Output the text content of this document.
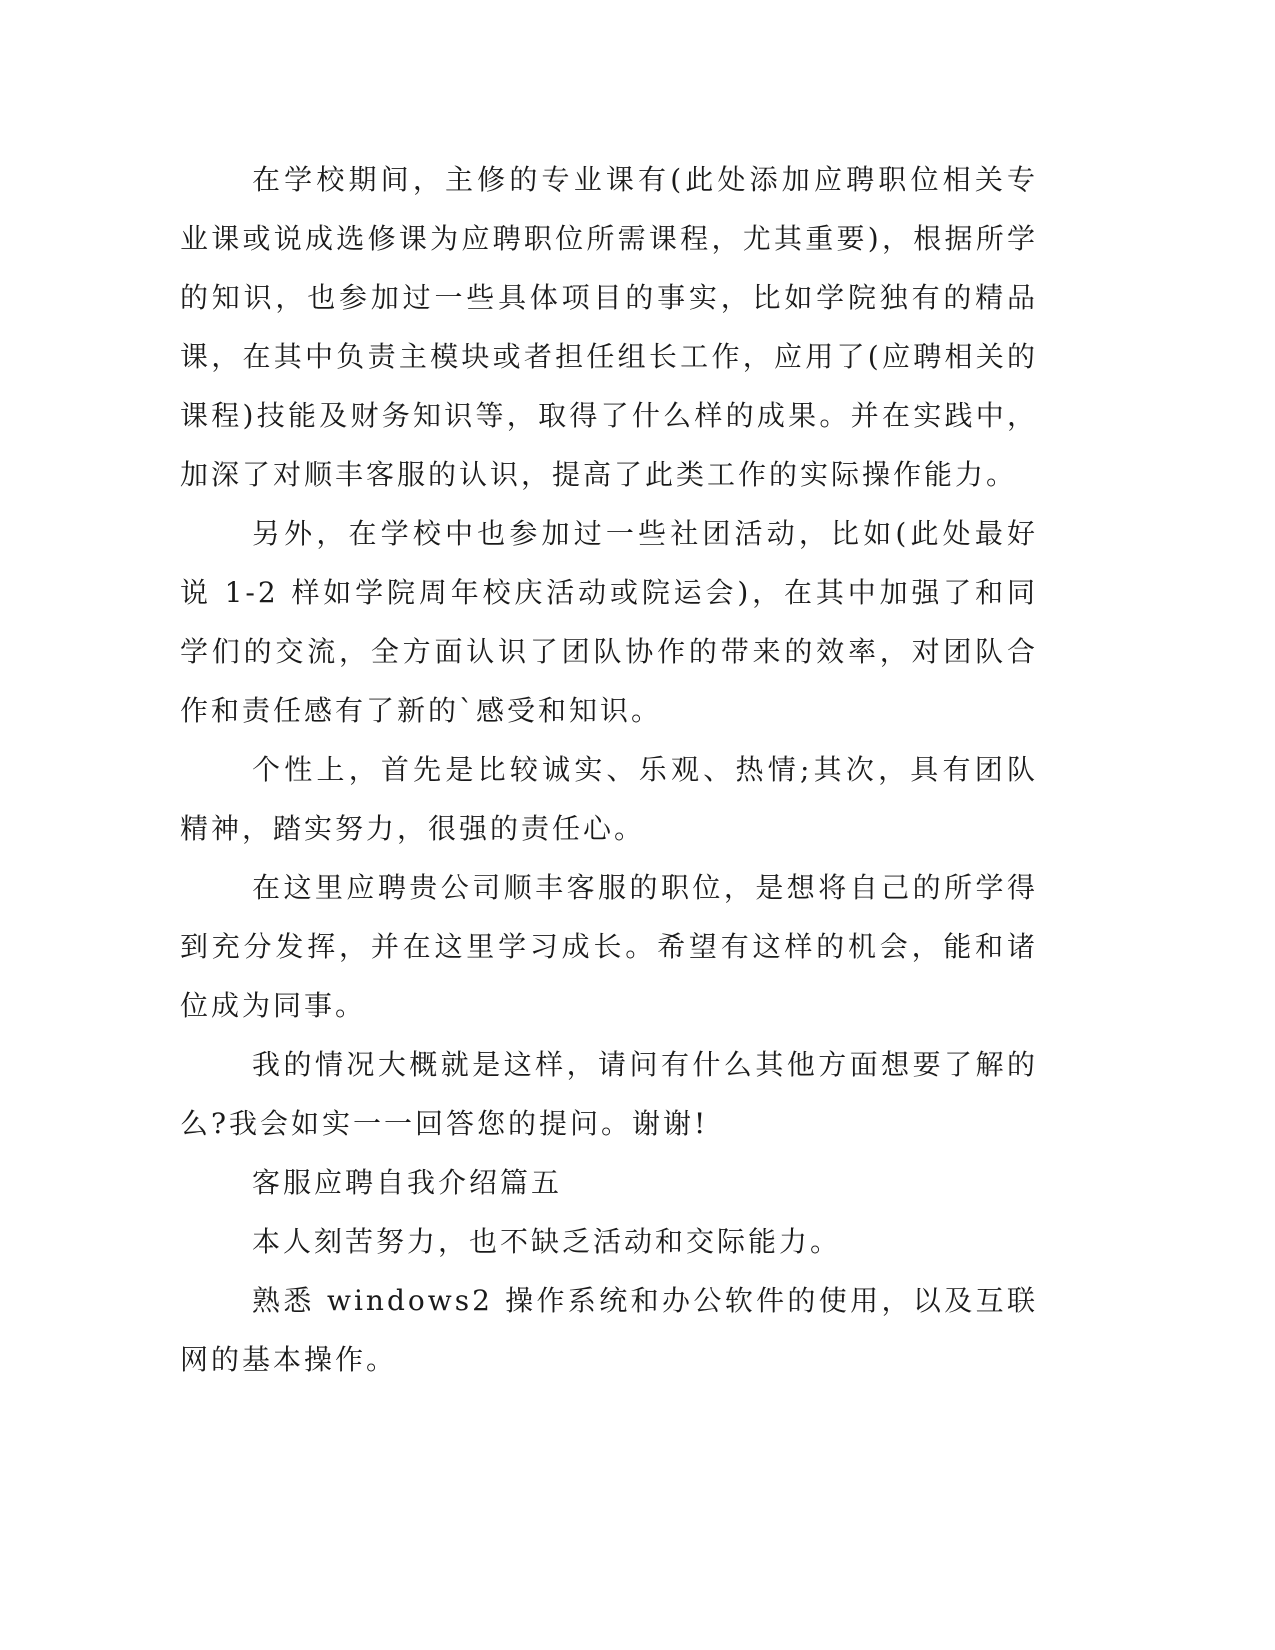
在学校期间，主修的专业课有(此处添加应聘职位相关专业课或说成选修课为应聘职位所需课程，尤其重要)，根据所学的知识，也参加过一些具体项目的事实，比如学院独有的精品课，在其中负责主模块或者担任组长工作，应用了(应聘相关的课程)技能及财务知识等，取得了什么样的成果。并在实践中，加深了对顺丰客服的认识，提高了此类工作的实际操作能力。

另外，在学校中也参加过一些社团活动，比如(此处最好说 1-2 样如学院周年校庆活动或院运会)，在其中加强了和同学们的交流，全方面认识了团队协作的带来的效率，对团队合作和责任感有了新的`感受和知识。

个性上，首先是比较诚实、乐观、热情;其次，具有团队精神，踏实努力，很强的责任心。

在这里应聘贵公司顺丰客服的职位，是想将自己的所学得到充分发挥，并在这里学习成长。希望有这样的机会，能和诸位成为同事。

我的情况大概就是这样，请问有什么其他方面想要了解的么?我会如实一一回答您的提问。谢谢!

客服应聘自我介绍篇五

本人刻苦努力，也不缺乏活动和交际能力。

熟悉 windows2 操作系统和办公软件的使用，以及互联网的基本操作。
